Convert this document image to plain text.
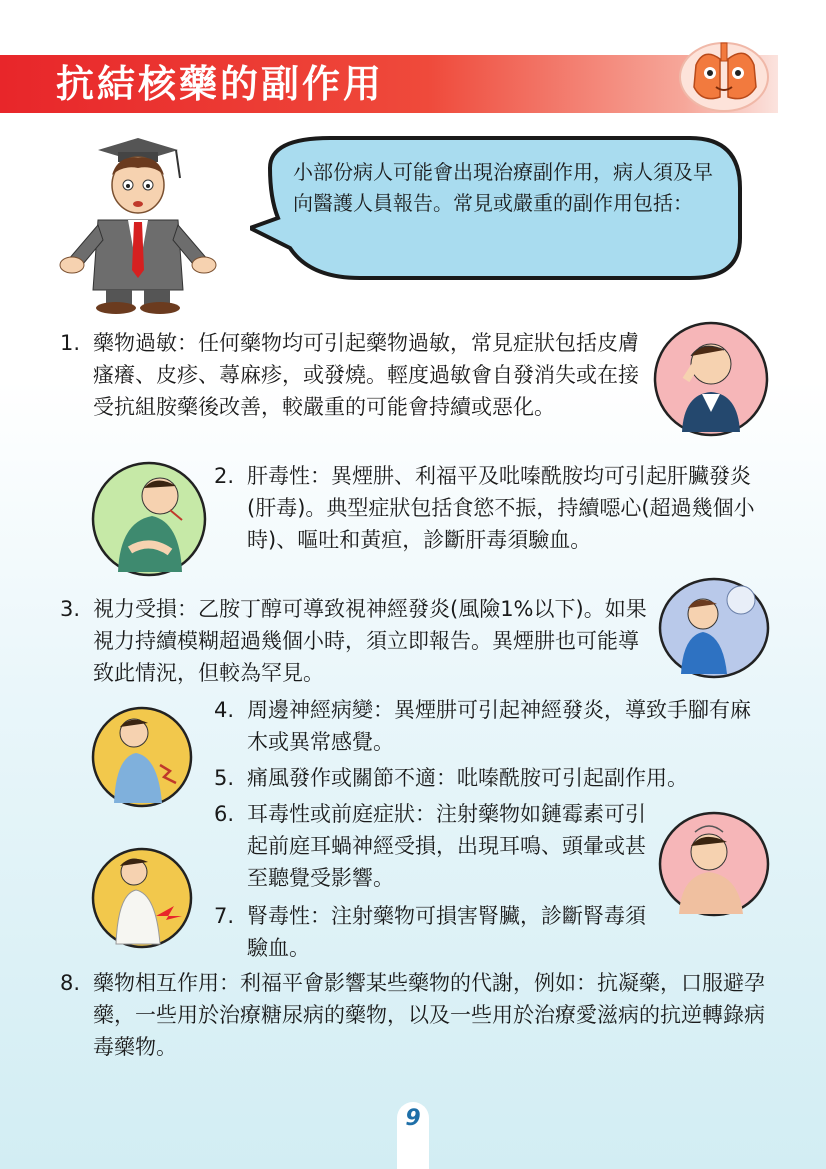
抗結核藥的副作用
小部份病人可能會出現治療副作用，病人須及早向醫護人員報告。常見或嚴重的副作用包括：
1. 藥物過敏：任何藥物均可引起藥物過敏，常見症狀包括皮膚瘙癢、皮疹、蕁麻疹，或發燒。輕度過敏會自發消失或在接受抗組胺藥後改善，較嚴重的可能會持續或惡化。
2. 肝毒性：異煙肼、利福平及吡嗪酰胺均可引起肝臟發炎(肝毒)。典型症狀包括食慾不振，持續噁心(超過幾個小時)、嘔吐和黃疸，診斷肝毒須驗血。
3. 視力受損：乙胺丁醇可導致視神經發炎(風險1%以下)。如果視力持續模糊超過幾個小時，須立即報告。異煙肼也可能導致此情況，但較為罕見。
4. 周邊神經病變：異煙肼可引起神經發炎，導致手腳有麻木或異常感覺。
5. 痛風發作或關節不適：吡嗪酰胺可引起副作用。
6. 耳毒性或前庭症狀：注射藥物如鏈霉素可引起前庭耳蝸神經受損，出現耳鳴、頭暈或甚至聽覺受影響。
7. 腎毒性：注射藥物可損害腎臟，診斷腎毒須驗血。
8. 藥物相互作用：利福平會影響某些藥物的代謝，例如：抗凝藥，口服避孕藥，一些用於治療糖尿病的藥物，以及一些用於治療愛滋病的抗逆轉錄病毒藥物。
9
